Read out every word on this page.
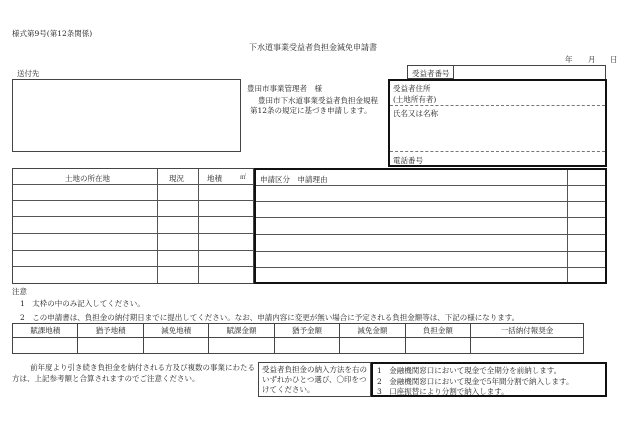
様式第9号(第12条関係)
下水道事業受益者負担金減免申請書
年 月 日
送付先
豊田市事業管理者　様
豊田市下水道事業受益者負担金規程第12条の規定に基づき申請します。
受益者番号
受益者住所
(土地所有者)
氏名又は名称
電話番号
土地の所在地	現況	地積	㎡ 申請区分　申請理由
注意
1　太枠の中のみ記入してください。
2　この申請書は、負担金の納付期日までに提出してください。なお、申請内容に変更が無い場合に予定される負担金額等は、下記の様になります。
賦課地積	猶予地積	減免地積	賦課金額	猶予金額	減免金額	負担金額	一括納付報奨金

前年度より引き続き負担金を納付される方及び複数の事業にわたる方は、上記参考額と合算されますのでご注意ください。
受益者負担金の納入方法を右のいずれかひとつ選び、〇印をつけてください。
1　金融機関窓口において現金で全期分を前納します。
2　金融機関窓口において現金で5年間分割で納入します。
3　口座振替により分割で納入します。
